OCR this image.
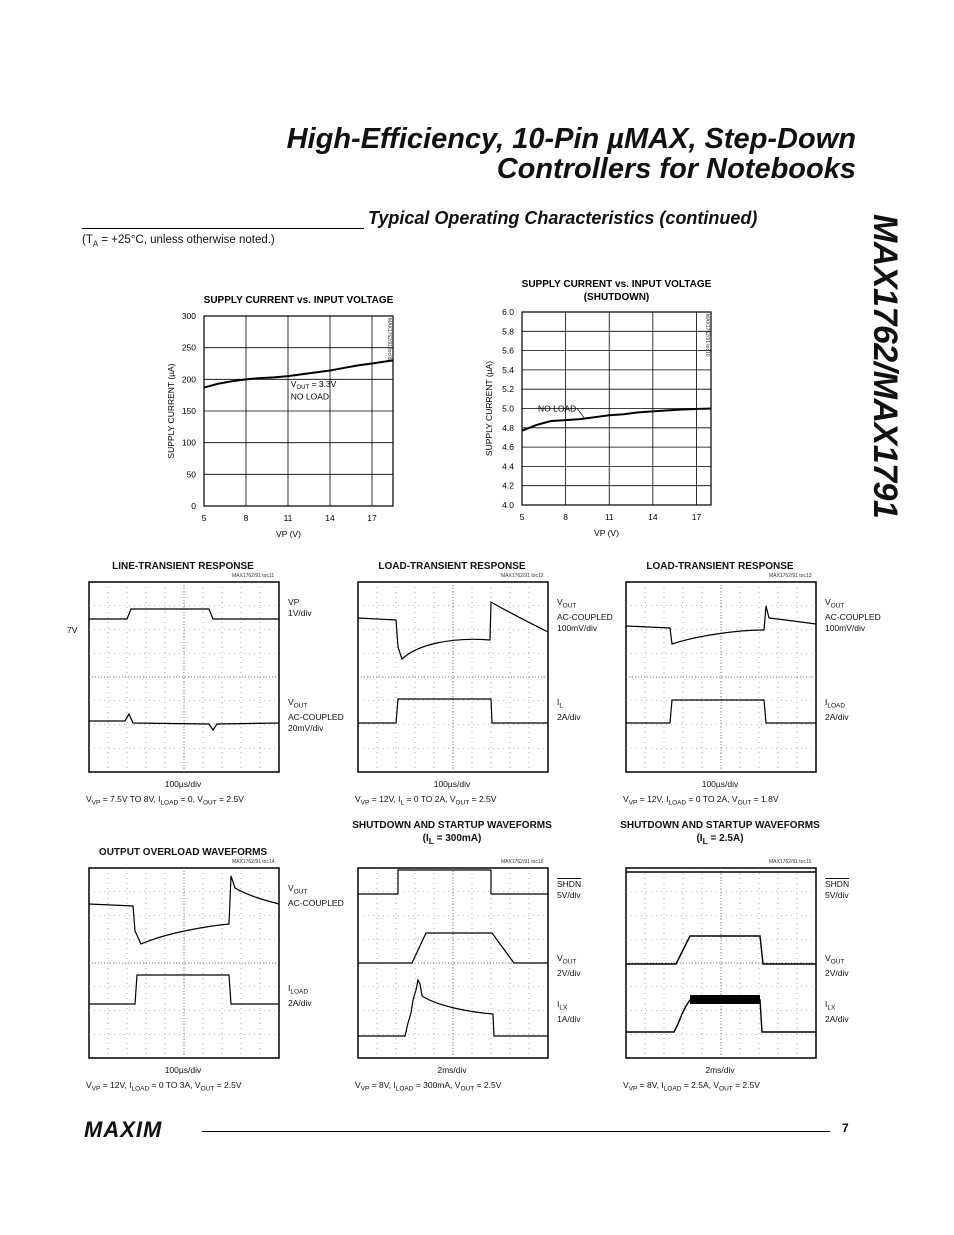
High-Efficiency, 10-Pin µMAX, Step-Down
Controllers for Notebooks
Typical Operating Characteristics (continued)
($T_A = +25^\circ C$, unless otherwise noted.)	MAX1762/MAX1791
SUPPLY CURRENT vs. INPUT VOLTAGE
0
50
100
150
200
250
300
5	8	11	14	17
VP (V)
SUPPLY CURRENT (µA)
MAX1762/91 toc09
$V_{OUT} = 3.3V$
NO LOAD
SUPPLY CURRENT vs. INPUT VOLTAGE
(SHUTDOWN)
4.0
4.2
4.4
4.6
4.8
5.0
5.2
5.4
5.6
5.8
6.0
5	8	11	14	17
VP (V)
SUPPLY CURRENT (µA)
MAX1762/91 toc10
NO LOAD
LINE-TRANSIENT RESPONSE
MAX1762/91 toc11
VP
1V/div
$V_{OUT}$
AC-COUPLED
20mV/div
7V
100µs/div
$V_{VP} = 7.5V$ TO 8V, $I_{LOAD} = 0$, $V_{OUT} = 2.5V$
LOAD-TRANSIENT RESPONSE
MAX1762/91 toc12
$V_{OUT}$
AC-COUPLED
100mV/div
$I_L$
2A/div
100µs/div
$V_{VP} = 12V$, $I_L = 0$ TO 2A, $V_{OUT} = 2.5V$
LOAD-TRANSIENT RESPONSE
MAX1762/91 toc13
$V_{OUT}$
AC-COUPLED
100mV/div
$I_{LOAD}$
2A/div
100µs/div
$V_{VP} = 12V$, $I_{LOAD} = 0$ TO 2A, $V_{OUT} = 1.8V$
OUTPUT OVERLOAD WAVEFORMS
MAX1762/91 toc14
$V_{OUT}$
AC-COUPLED
$I_{LOAD}$
2A/div
100µs/div
$V_{VP} = 12V$, $I_{LOAD} = 0$ TO 3A, $V_{OUT} = 2.5V$
SHUTDOWN AND STARTUP WAVEFORMS
$(I_L = 300mA)$
MAX1762/91 toc15
SHDN
5V/div
$V_{OUT}$
2V/div
$I_{LX}$
1A/div
2ms/div
$V_{VP} = 8V$, $I_{LOAD} = 300mA$, $V_{OUT} = 2.5V$
SHUTDOWN AND STARTUP WAVEFORMS
$(I_L = 2.5A)$
MAX1762/91 toc16
SHDN
5V/div
$V_{OUT}$
2V/div
$I_{LX}$
2A/div
2ms/div
$V_{VP} = 8V$, $I_{LOAD} = 2.5A$, $V_{OUT} = 2.5V$
MAXIM	7
